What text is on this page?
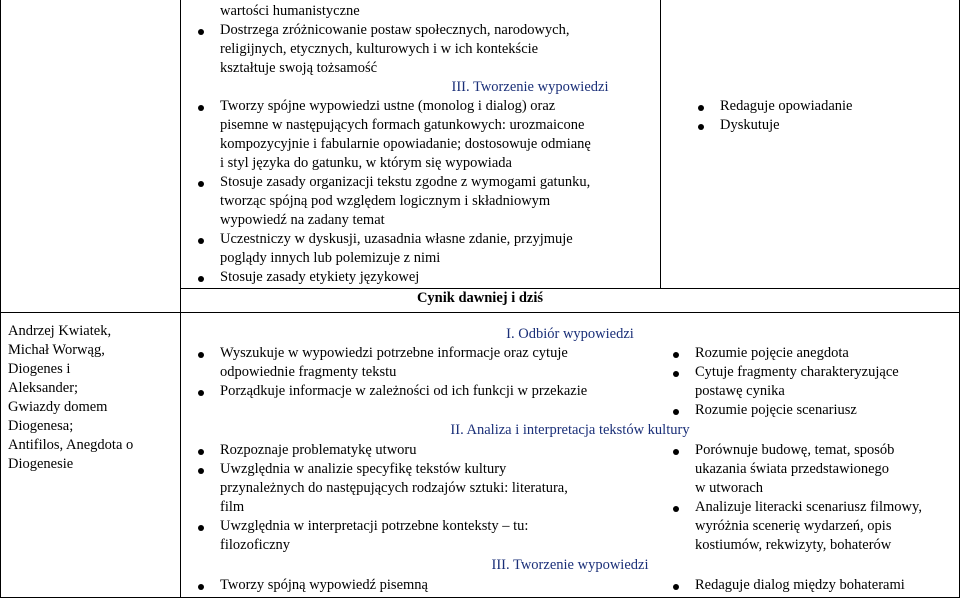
wartości humanistyczne
Dostrzega zróżnicowanie postaw społecznych, narodowych,
religijnych, etycznych, kulturowych i w ich kontekście
kształtuje swoją tożsamość
III. Tworzenie wypowiedzi
Tworzy spójne wypowiedzi ustne (monolog i dialog) oraz
pisemne w następujących formach gatunkowych: urozmaicone
kompozycyjnie i fabularnie opowiadanie; dostosowuje odmianę
i styl języka do gatunku, w którym się wypowiada
Stosuje zasady organizacji tekstu zgodne z wymogami gatunku,
tworząc spójną pod względem logicznym i składniowym
wypowiedź na zadany temat
Uczestniczy w dyskusji, uzasadnia własne zdanie, przyjmuje
poglądy innych lub polemizuje z nimi
Stosuje zasady etykiety językowej
Redaguje opowiadanie
Dyskutuje
Cynik dawniej i dziś
Andrzej Kwiatek,
Michał Worwąg,
Diogenes i
Aleksander;
Gwiazdy domem
Diogenesa;
Antifilos, Anegdota o
Diogenesie
I. Odbiór wypowiedzi
Wyszukuje w wypowiedzi potrzebne informacje oraz cytuje
odpowiednie fragmenty tekstu
Porządkuje informacje w zależności od ich funkcji w przekazie
Rozumie pojęcie anegdota
Cytuje fragmenty charakteryzujące
postawę cynika
Rozumie pojęcie scenariusz
II. Analiza i interpretacja tekstów kultury
Rozpoznaje problematykę utworu
Uwzględnia w analizie specyfikę tekstów kultury
przynależnych do następujących rodzajów sztuki: literatura,
film
Uwzględnia w interpretacji potrzebne konteksty – tu:
filozoficzny
Porównuje budowę, temat, sposób
ukazania świata przedstawionego
w utworach
Analizuje literacki scenariusz filmowy,
wyróżnia scenerię wydarzeń, opis
kostiumów, rekwizyty, bohaterów
III. Tworzenie wypowiedzi
Tworzy spójną wypowiedź pisemną	Redaguje dialog między bohaterami
